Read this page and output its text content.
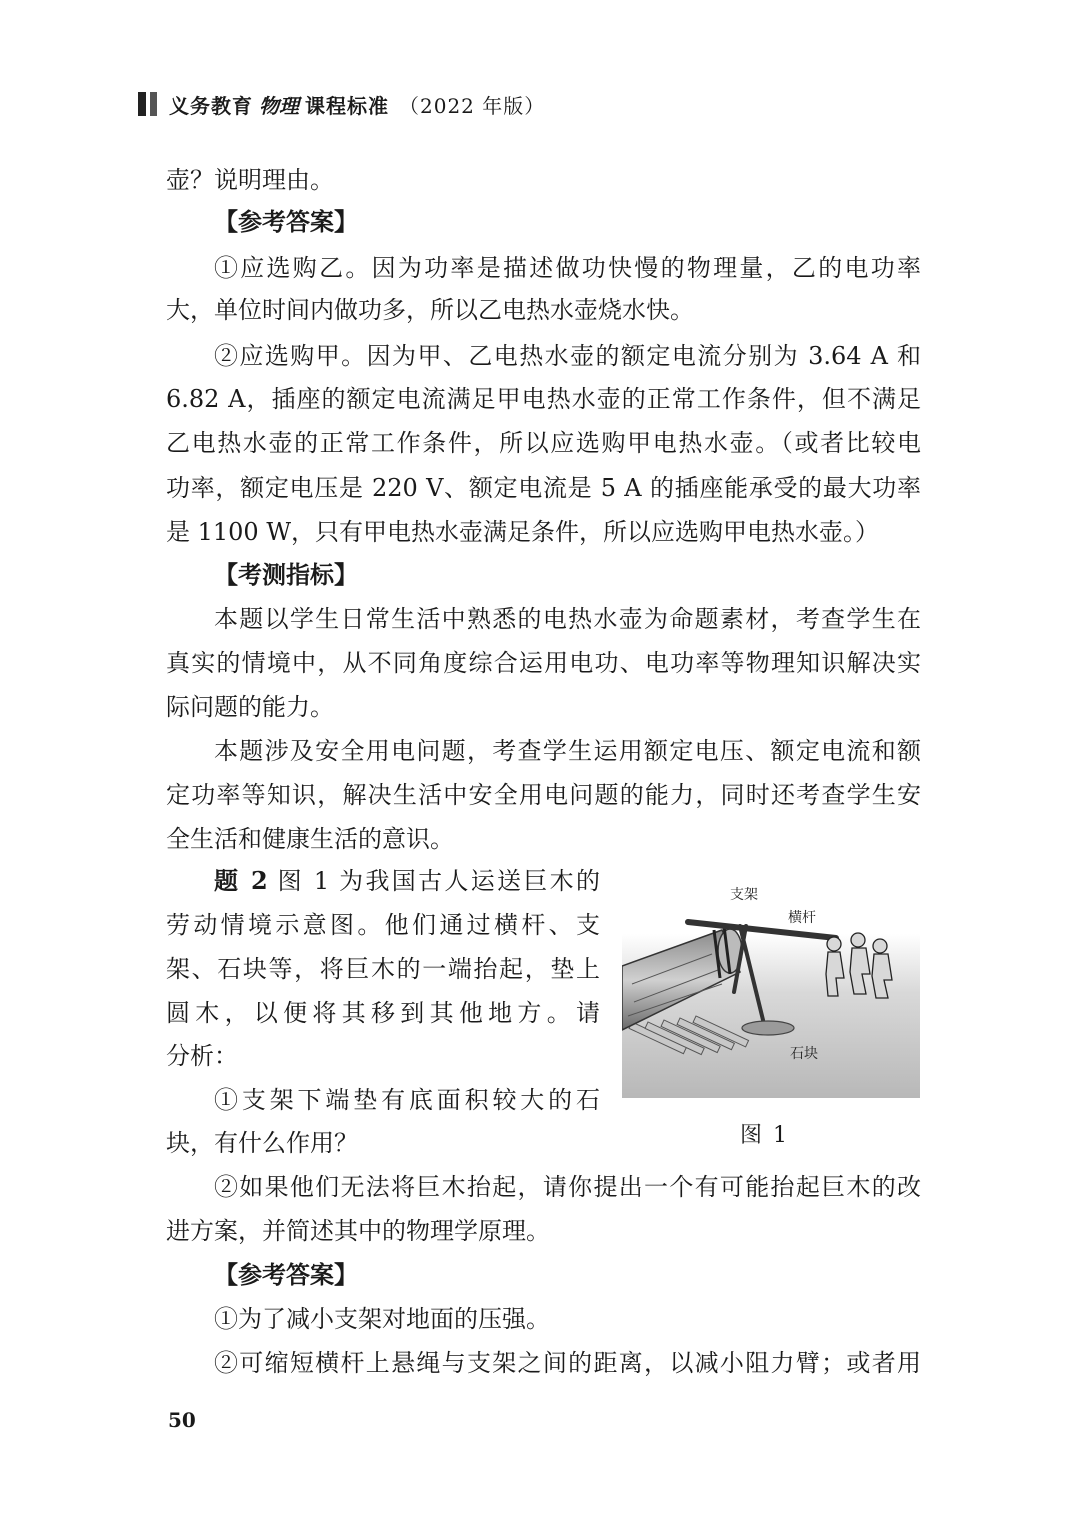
义务教育 物理 课程标准 （2022 年版）
壶？说明理由。
【参考答案】
①应选购乙。因为功率是描述做功快慢的物理量，乙的电功率
大，单位时间内做功多，所以乙电热水壶烧水快。
②应选购甲。因为甲、乙电热水壶的额定电流分别为 3.64 A 和
6.82 A，插座的额定电流满足甲电热水壶的正常工作条件，但不满足
乙电热水壶的正常工作条件，所以应选购甲电热水壶。（或者比较电
功率，额定电压是 220 V、额定电流是 5 A 的插座能承受的最大功率
是 1100 W，只有甲电热水壶满足条件，所以应选购甲电热水壶。）
【考测指标】
本题以学生日常生活中熟悉的电热水壶为命题素材，考查学生在
真实的情境中，从不同角度综合运用电功、电功率等物理知识解决实
际问题的能力。
本题涉及安全用电问题，考查学生运用额定电压、额定电流和额
定功率等知识，解决生活中安全用电问题的能力，同时还考查学生安
全生活和健康生活的意识。
题 2 图 1 为我国古人运送巨木的
劳动情境示意图。他们通过横杆、支
架、石块等，将巨木的一端抬起，垫上
圆木，以便将其移到其他地方。请
分析：
①支架下端垫有底面积较大的石
块，有什么作用？
②如果他们无法将巨木抬起，请你提出一个有可能抬起巨木的改
进方案，并简述其中的物理学原理。
【参考答案】
①为了减小支架对地面的压强。
②可缩短横杆上悬绳与支架之间的距离，以减小阻力臂；或者用
支架
横杆
石块
图 1
50
